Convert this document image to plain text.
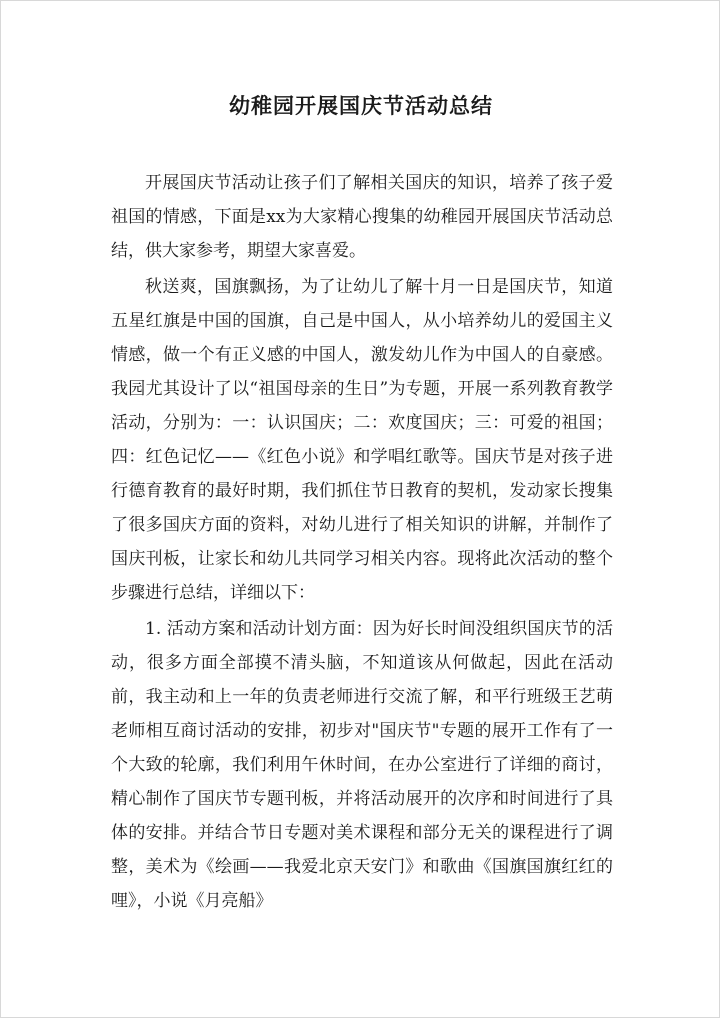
幼稚园开展国庆节活动总结

开展国庆节活动让孩子们了解相关国庆的知识，培养了孩子爱祖国的情感，下面是xx为大家精心搜集的幼稚园开展国庆节活动总结，供大家参考，期望大家喜爱。

秋送爽，国旗飘扬，为了让幼儿了解十月一日是国庆节，知道五星红旗是中国的国旗，自己是中国人，从小培养幼儿的爱国主义情感，做一个有正义感的中国人，激发幼儿作为中国人的自豪感。我园尤其设计了以“祖国母亲的生日”为专题，开展一系列教育教学活动，分别为：一：认识国庆；二：欢度国庆；三：可爱的祖国；四：红色记忆——《红色小说》和学唱红歌等。国庆节是对孩子进行德育教育的最好时期，我们抓住节日教育的契机，发动家长搜集了很多国庆方面的资料，对幼儿进行了相关知识的讲解，并制作了国庆刊板，让家长和幼儿共同学习相关内容。现将此次活动的整个步骤进行总结，详细以下：

1. 活动方案和活动计划方面：因为好长时间没组织国庆节的活动，很多方面全部摸不清头脑，不知道该从何做起，因此在活动前，我主动和上一年的负责老师进行交流了解，和平行班级王艺萌老师相互商讨活动的安排，初步对"国庆节"专题的展开工作有了一个大致的轮廓，我们利用午休时间，在办公室进行了详细的商讨，精心制作了国庆节专题刊板，并将活动展开的次序和时间进行了具体的安排。并结合节日专题对美术课程和部分无关的课程进行了调整，美术为《绘画——我爱北京天安门》和歌曲《国旗国旗红红的哩》，小说《月亮船》
